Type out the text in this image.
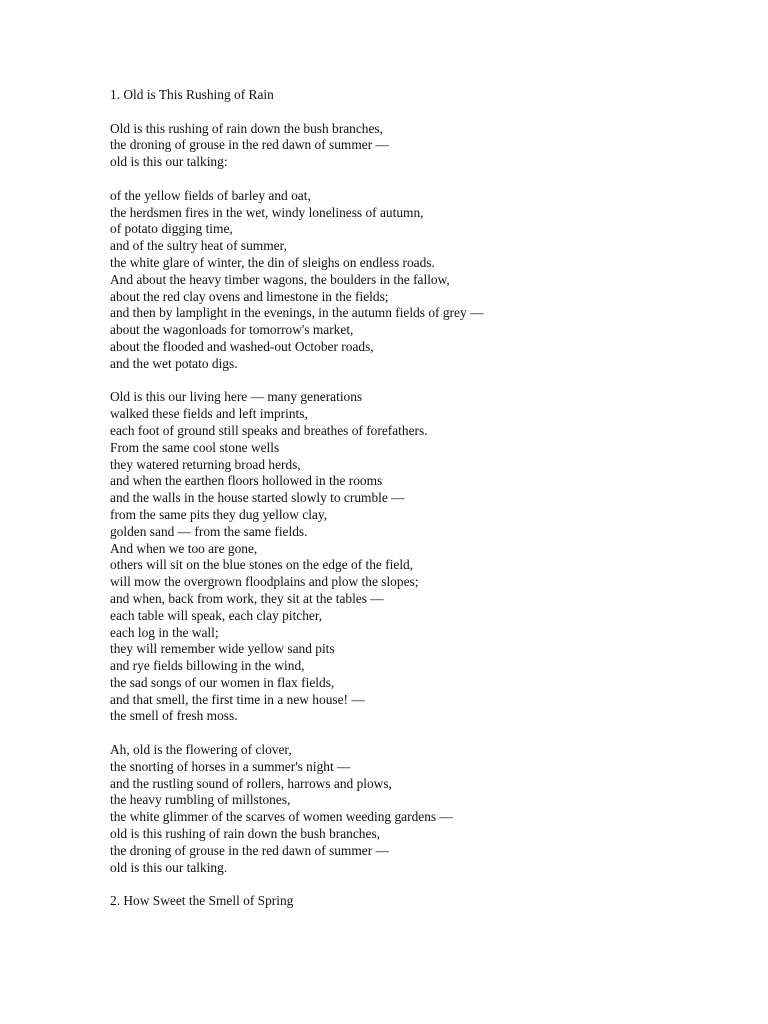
1. Old is This Rushing of Rain
Old is this rushing of rain down the bush branches,
the droning of grouse in the red dawn of summer —
old is this our talking:
of the yellow fields of barley and oat,
the herdsmen fires in the wet, windy loneliness of autumn,
of potato digging time,
and of the sultry heat of summer,
the white glare of winter, the din of sleighs on endless roads.
And about the heavy timber wagons, the boulders in the fallow,
about the red clay ovens and limestone in the fields;
and then by lamplight in the evenings, in the autumn fields of grey —
about the wagonloads for tomorrow's market,
about the flooded and washed-out October roads,
and the wet potato digs.
Old is this our living here — many generations
walked these fields and left imprints,
each foot of ground still speaks and breathes of forefathers.
From the same cool stone wells
they watered returning broad herds,
and when the earthen floors hollowed in the rooms
and the walls in the house started slowly to crumble —
from the same pits they dug yellow clay,
golden sand — from the same fields.
And when we too are gone,
others will sit on the blue stones on the edge of the field,
will mow the overgrown floodplains and plow the slopes;
and when, back from work, they sit at the tables —
each table will speak, each clay pitcher,
each log in the wall;
they will remember wide yellow sand pits
and rye fields billowing in the wind,
the sad songs of our women in flax fields,
and that smell, the first time in a new house! —
the smell of fresh moss.
Ah, old is the flowering of clover,
the snorting of horses in a summer's night —
and the rustling sound of rollers, harrows and plows,
the heavy rumbling of millstones,
the white glimmer of the scarves of women weeding gardens —
old is this rushing of rain down the bush branches,
the droning of grouse in the red dawn of summer —
old is this our talking.
2. How Sweet the Smell of Spring
